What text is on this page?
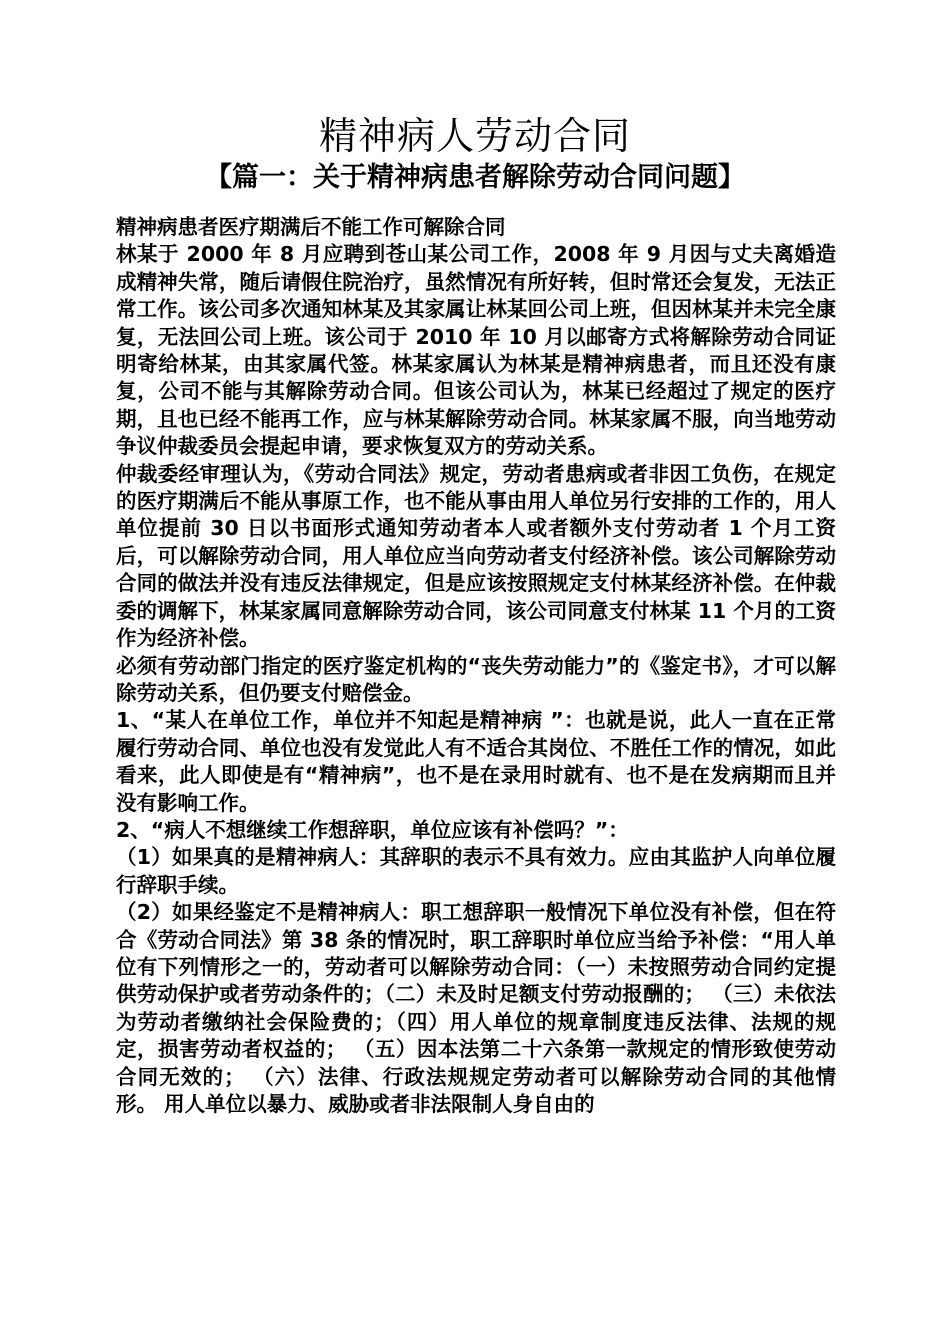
精神病人劳动合同
【篇一：关于精神病患者解除劳动合同问题】

精神病患者医疗期满后不能工作可解除合同

林某于 2000 年 8 月应聘到苍山某公司工作，2008 年 9 月因与丈夫离婚造成精神失常，随后请假住院治疗，虽然情况有所好转，但时常还会复发，无法正常工作。该公司多次通知林某及其家属让林某回公司上班，但因林某并未完全康复，无法回公司上班。该公司于 2010 年 10 月以邮寄方式将解除劳动合同证明寄给林某，由其家属代签。林某家属认为林某是精神病患者，而且还没有康复，公司不能与其解除劳动合同。但该公司认为，林某已经超过了规定的医疗期，且也已经不能再工作，应与林某解除劳动合同。林某家属不服，向当地劳动争议仲裁委员会提起申请，要求恢复双方的劳动关系。

仲裁委经审理认为，《劳动合同法》规定，劳动者患病或者非因工负伤，在规定的医疗期满后不能从事原工作，也不能从事由用人单位另行安排的工作的，用人单位提前 30 日以书面形式通知劳动者本人或者额外支付劳动者 1 个月工资后，可以解除劳动合同，用人单位应当向劳动者支付经济补偿。该公司解除劳动合同的做法并没有违反法律规定，但是应该按照规定支付林某经济补偿。在仲裁委的调解下，林某家属同意解除劳动合同，该公司同意支付林某 11 个月的工资作为经济补偿。

必须有劳动部门指定的医疗鉴定机构的“丧失劳动能力”的《鉴定书》，才可以解除劳动关系，但仍要支付赔偿金。

1、“某人在单位工作，单位并不知起是精神病 ”：也就是说，此人一直在正常履行劳动合同、单位也没有发觉此人有不适合其岗位、不胜任工作的情况，如此看来，此人即使是有“精神病”，也不是在录用时就有、也不是在发病期而且并没有影响工作。

2、“病人不想继续工作想辞职，单位应该有补偿吗？”：

（1）如果真的是精神病人：其辞职的表示不具有效力。应由其监护人向单位履行辞职手续。

（2）如果经鉴定不是精神病人：职工想辞职一般情况下单位没有补偿，但在符合《劳动合同法》第 38 条的情况时，职工辞职时单位应当给予补偿：“用人单位有下列情形之一的，劳动者可以解除劳动合同：（一）未按照劳动合同约定提供劳动保护或者劳动条件的；（二）未及时足额支付劳动报酬的； （三）未依法为劳动者缴纳社会保险费的；（四）用人单位的规章制度违反法律、法规的规定，损害劳动者权益的； （五）因本法第二十六条第一款规定的情形致使劳动合同无效的； （六）法律、行政法规规定劳动者可以解除劳动合同的其他情形。 用人单位以暴力、威胁或者非法限制人身自由的
